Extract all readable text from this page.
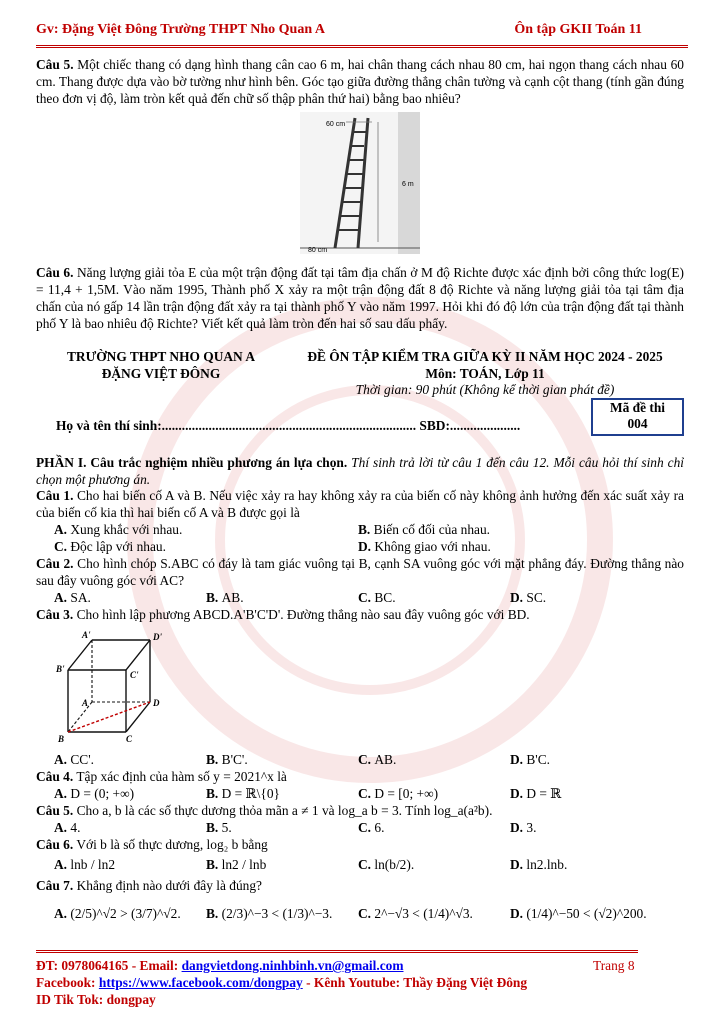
Gv: Đặng Việt Đông Trường THPT Nho Quan A	Ôn tập GKII Toán 11
Câu 5. Một chiếc thang có dạng hình thang cân cao 6 m, hai chân thang cách nhau 80 cm, hai ngọn thang cách nhau 60 cm. Thang được dựa vào bờ tường như hình bên. Góc tạo giữa đường thẳng chân tường và cạnh cột thang (tính gần đúng theo đơn vị độ, làm tròn kết quả đến chữ số thập phân thứ hai) bằng bao nhiêu?
60 cm
6 m
80 cm
Câu 6. Năng lượng giải tỏa E của một trận động đất tại tâm địa chấn ở M độ Richte được xác định bởi công thức log(E) = 11,4 + 1,5M. Vào năm 1995, Thành phố X xảy ra một trận động đất 8 độ Richte và năng lượng giải tỏa tại tâm địa chấn của nó gấp 14 lần trận động đất xảy ra tại thành phố Y vào năm 1997. Hỏi khi đó độ lớn của trận động đất tại thành phố Y là bao nhiêu độ Richte? Viết kết quả làm tròn đến hai số sau dấu phẩy.
TRƯỜNG THPT NHO QUAN A
ĐẶNG VIỆT ĐÔNG
ĐỀ ÔN TẬP KIỂM TRA GIỮA KỲ II NĂM HỌC 2024 - 2025
Môn: TOÁN, Lớp 11
Thời gian: 90 phút (Không kể thời gian phát đề)
Mã đề thi
004
Họ và tên thí sinh:............................................................................ SBD:.....................
PHẦN I. Câu trắc nghiệm nhiều phương án lựa chọn. Thí sinh trả lời từ câu 1 đến câu 12. Mỗi câu hỏi thí sinh chỉ chọn một phương án.
Câu 1. Cho hai biến cố A và B. Nếu việc xảy ra hay không xảy ra của biến cố này không ảnh hưởng đến xác suất xảy ra của biến cố kia thì hai biến cố A và B được gọi là
A. Xung khắc với nhau.	B. Biến cố đối của nhau.
C. Độc lập với nhau.	D. Không giao với nhau.
Câu 2. Cho hình chóp S.ABC có đáy là tam giác vuông tại B, cạnh SA vuông góc với mặt phẳng đáy. Đường thẳng nào sau đây vuông góc với AC?
A. SA.	B. AB.	C. BC.	D. SC.
Câu 3. Cho hình lập phương ABCD.A'B'C'D'. Đường thẳng nào sau đây vuông góc với BD.
A'	D'
B'
C'
A	D
B	C
A. CC'.	B. B'C'.	C. AB.	D. B'C.
Câu 4. Tập xác định của hàm số y = 2021^x là
A. D = (0; +∞)	B. D = ℝ\{0}	C. D = [0; +∞)	D. D = ℝ
Câu 5. Cho a, b là các số thực dương thỏa mãn a ≠ 1 và log_a b = 3. Tính log_a(a²b).
A. 4.	B. 5.	C. 6.	D. 3.
Câu 6. Với b là số thực dương, log₂ b bằng
A. lnb / ln2	B. ln2 / lnb	C. ln(b/2).	D. ln2.lnb.
Câu 7. Khẳng định nào dưới đây là đúng?
A. (2/5)^√2 > (3/7)^√2. B. (2/3)^−3 < (1/3)^−3. C. 2^−√3 < (1/4)^√3.	D. (1/4)^−50 < (√2)^200.
ĐT: 0978064165 - Email: dangvietdong.ninhbinh.vn@gmail.com	Trang 8
Facebook: https://www.facebook.com/dongpay - Kênh Youtube: Thầy Đặng Việt Đông
ID Tik Tok: dongpay
